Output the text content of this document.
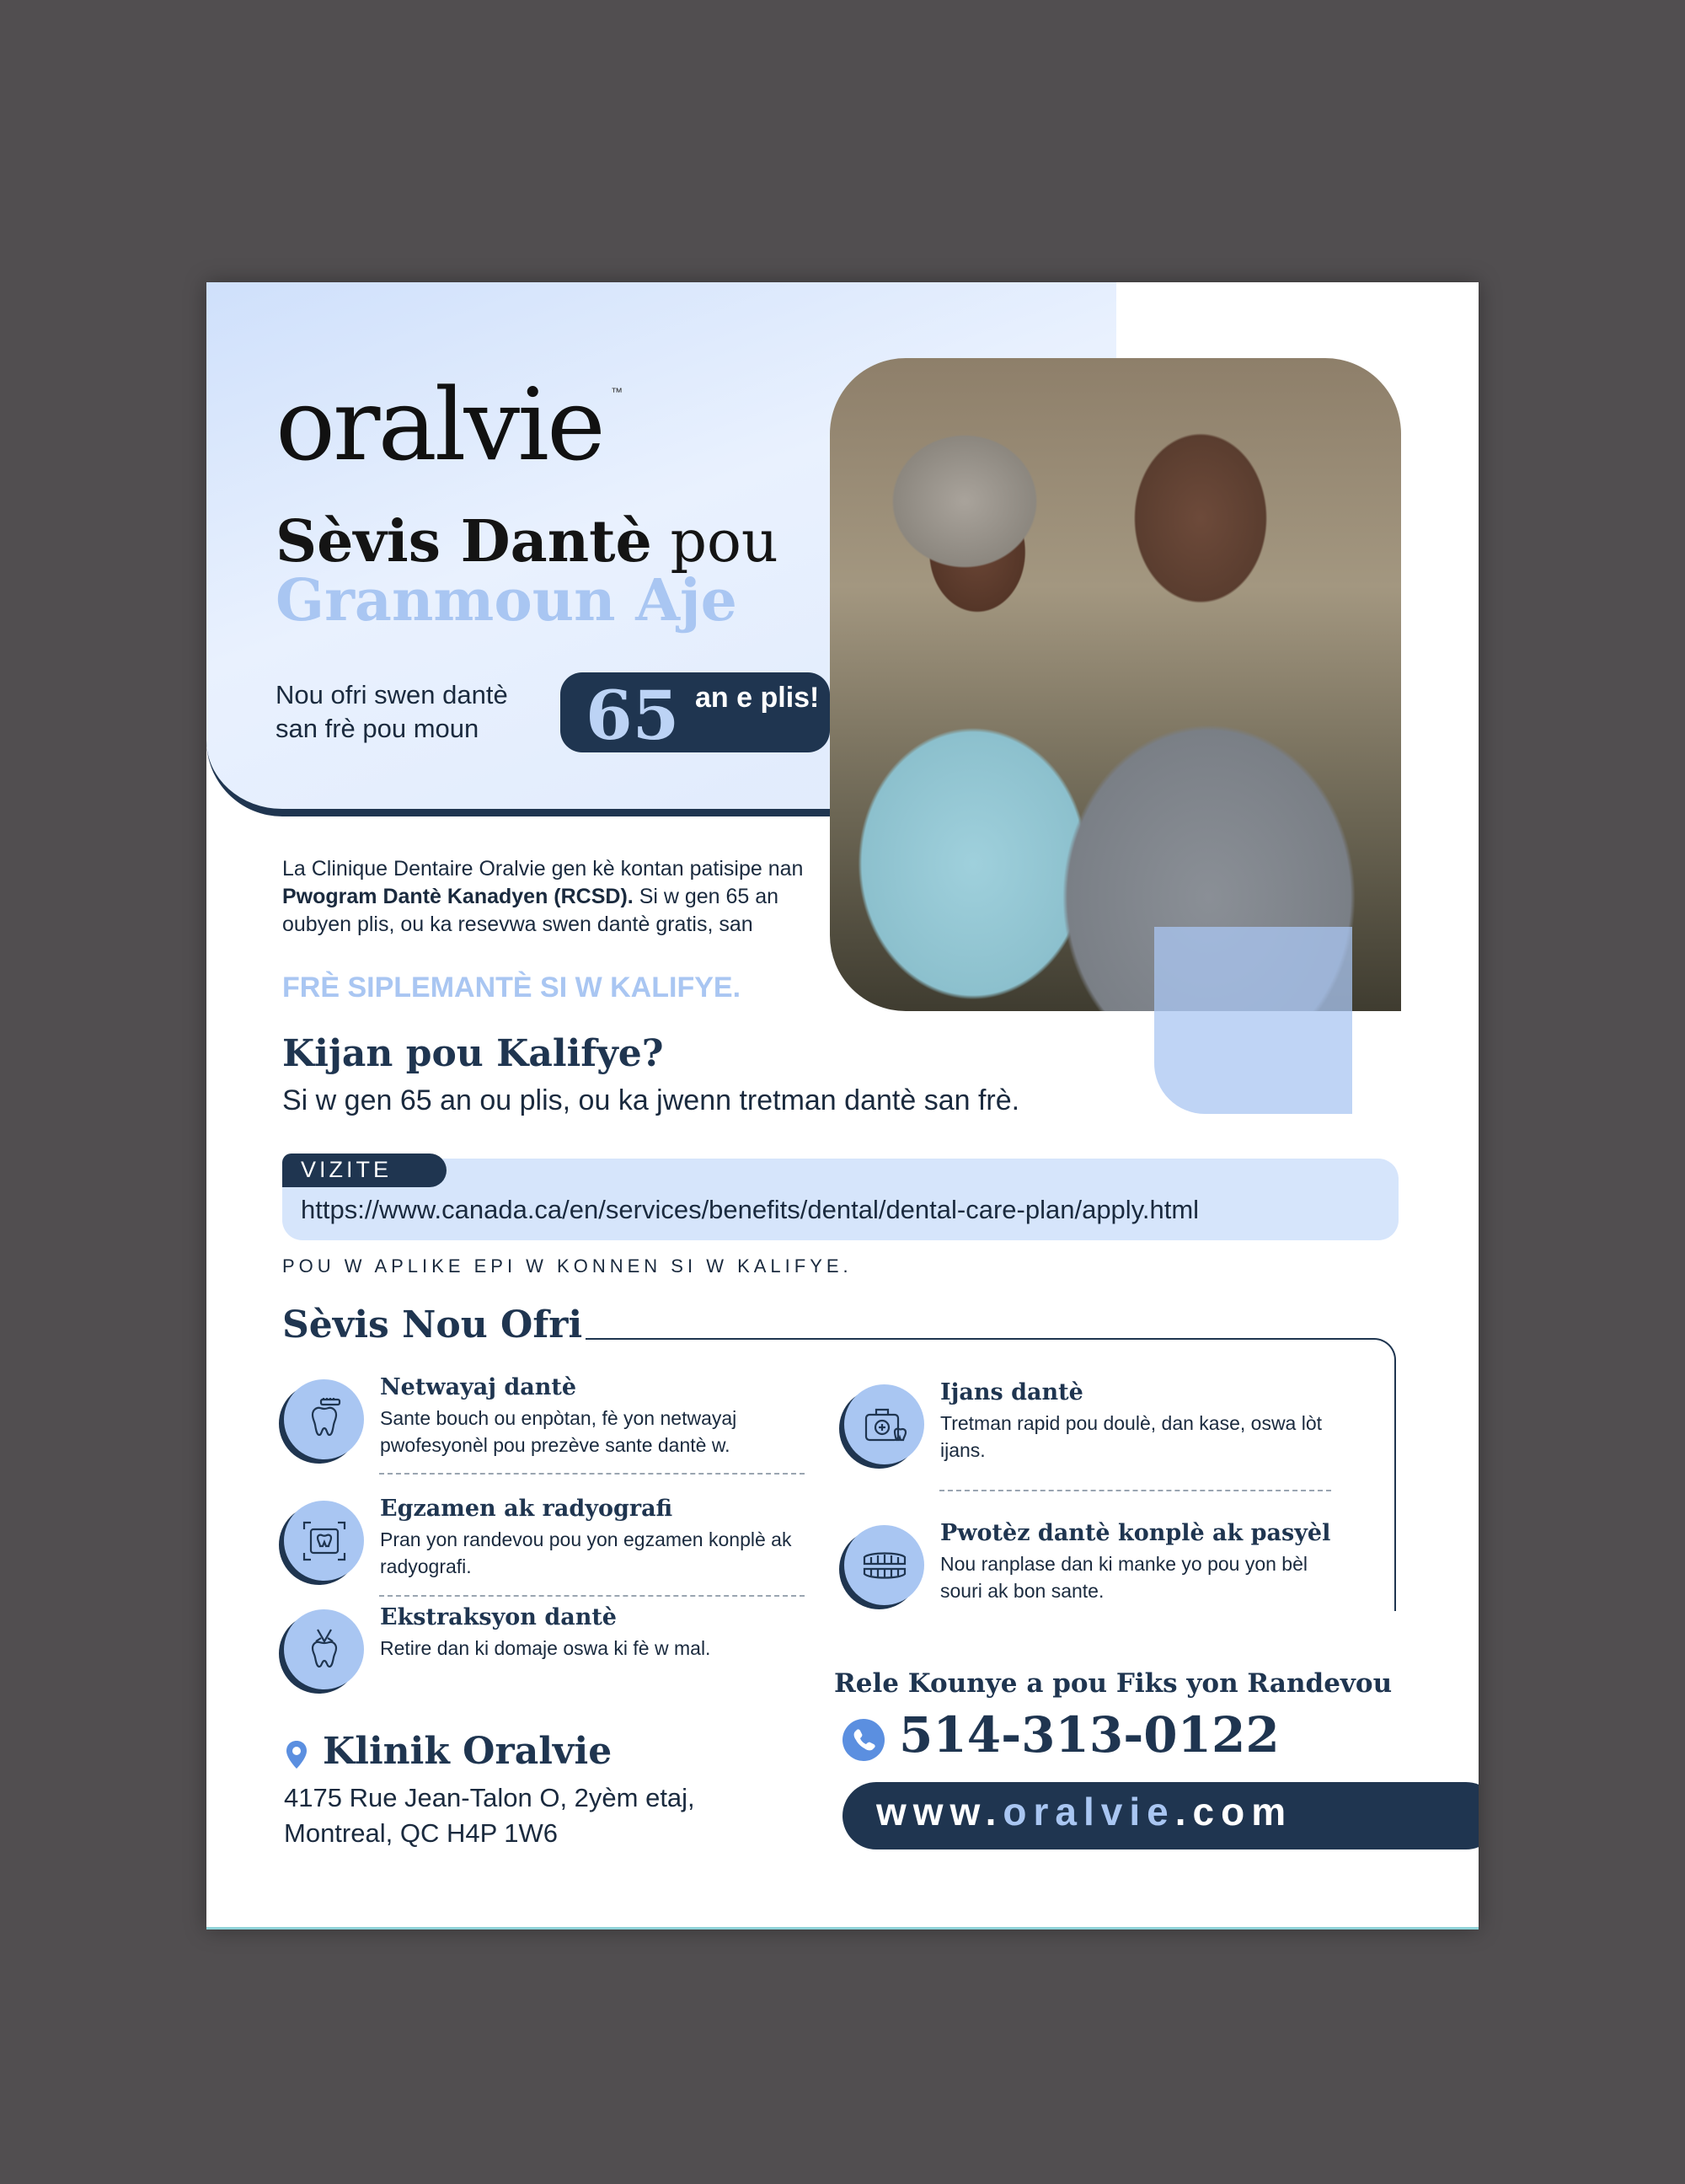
oralvie ™
Sèvis Dantè pou
Granmoun Aje
Nou ofri swen dantè san frè pou moun	65 an e plis!
La Clinique Dentaire Oralvie gen kè kontan patisipe nan Pwogram Dantè Kanadyen (RCSD). Si w gen 65 an oubyen plis, ou ka resevwa swen dantè gratis, san
FRÈ SIPLEMANTÈ SI W KALIFYE.
Kijan pou Kalifye?
Si w gen 65 an ou plis, ou ka jwenn tretman dantè san frè.
VIZITE
https://www.canada.ca/en/services/benefits/dental/dental-care-plan/apply.html
POU W APLIKE EPI W KONNEN SI W KALIFYE.
Sèvis Nou Ofri
Netwayaj dantè
Sante bouch ou enpòtan, fè yon netwayaj pwofesyonèl pou prezève sante dantè w.
Egzamen ak radyografi
Pran yon randevou pou yon egzamen konplè ak radyografi.
Ekstraksyon dantè
Retire dan ki domaje oswa ki fè w mal.
Ijans dantè
Tretman rapid pou doulè, dan kase, oswa lòt ijans.
Pwotèz dantè konplè ak pasyèl
Nou ranplase dan ki manke yo pou yon bèl souri ak bon sante.
Rele Kounye a pou Fiks yon Randevou
514-313-0122
www.oralvie.com
Klinik Oralvie
4175 Rue Jean-Talon O, 2yèm etaj,
Montreal, QC H4P 1W6
